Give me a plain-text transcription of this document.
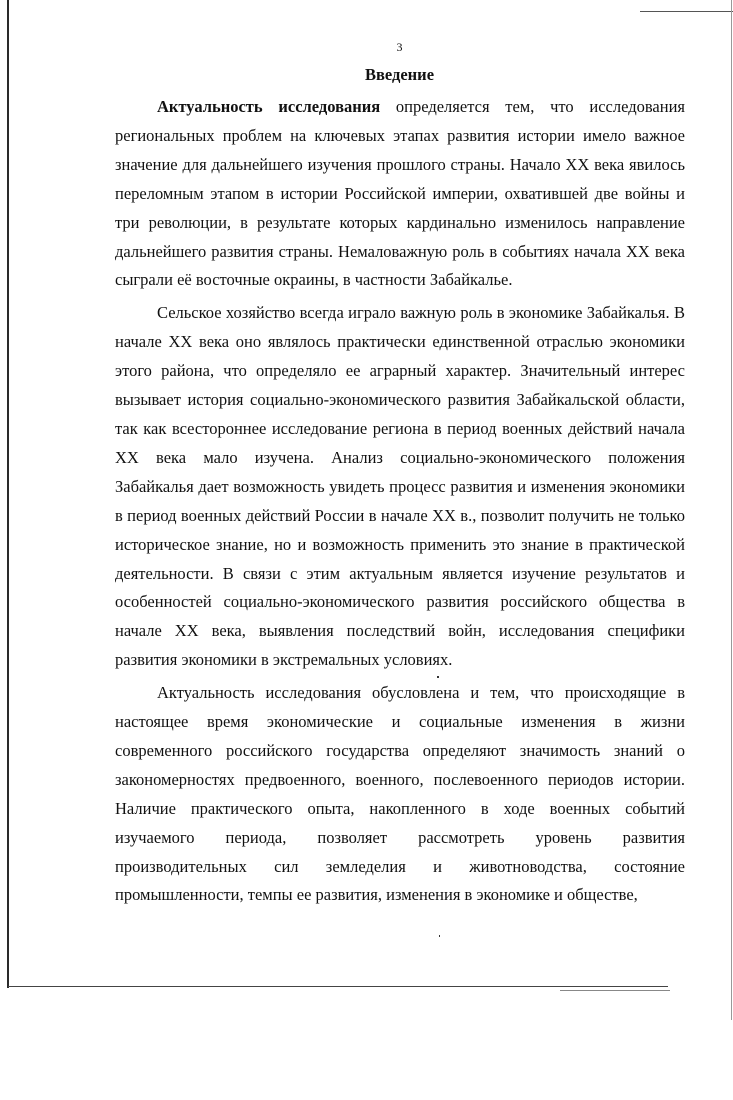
3
Введение

Актуальность исследования определяется тем, что исследования региональных проблем на ключевых этапах развития истории имело важное значение для дальнейшего изучения прошлого страны. Начало XX века явилось переломным этапом в истории Российской империи, охватившей две войны и три революции, в результате которых кардинально изменилось направление дальнейшего развития страны. Немаловажную роль в событиях начала XX века сыграли её восточные окраины, в частности Забайкалье.

Сельское хозяйство всегда играло важную роль в экономике Забайкалья. В начале XX века оно являлось практически единственной отраслью экономики этого района, что определяло ее аграрный характер. Значительный интерес вызывает история социально-экономического развития Забайкальской области, так как всестороннее исследование региона в период военных действий начала XX века мало изучена. Анализ социально-экономического положения Забайкалья дает возможность увидеть процесс развития и изменения экономики в период военных действий России в начале XX в., позволит получить не только историческое знание, но и возможность применить это знание в практической деятельности. В связи с этим актуальным является изучение результатов и особенностей социально-экономического развития российского общества в начале XX века, выявления последствий войн, исследования специфики развития экономики в экстремальных условиях.

Актуальность исследования обусловлена и тем, что происходящие в настоящее время экономические и социальные изменения в жизни современного российского государства определяют значимость знаний о закономерностях предвоенного, военного, послевоенного периодов истории. Наличие практического опыта, накопленного в ходе военных событий изучаемого периода, позволяет рассмотреть уровень развития производительных сил земледелия и животноводства, состояние промышленности, темпы ее развития, изменения в экономике и обществе,
